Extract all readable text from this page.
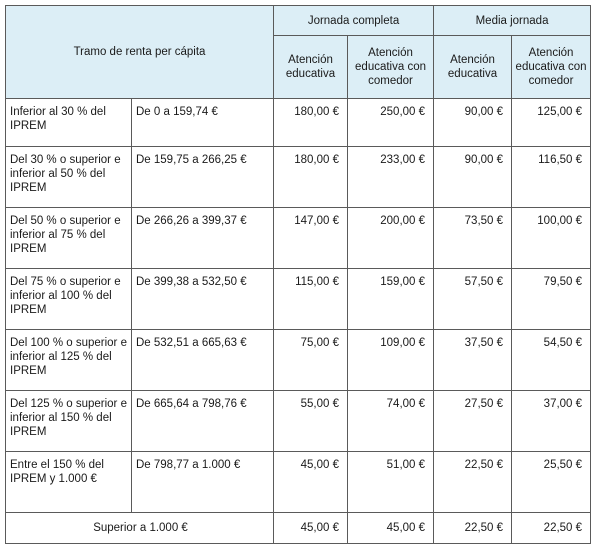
Tramo de renta per cápita		Jornada completa		Media jornada	
		Atención educativa	Atención educativa con comedor	Atención educativa	Atención educativa con comedor
Inferior al 30 % del IPREM	De 0 a 159,74 €	180,00 €	250,00 €	90,00 €	125,00 €
Del 30 % o superior e inferior al 50 % del IPREM	De 159,75 a 266,25 €	180,00 €	233,00 €	90,00 €	116,50 €
Del 50 % o superior e inferior al 75 % del IPREM	De 266,26 a 399,37 €	147,00 €	200,00 €	73,50 €	100,00 €
Del 75 % o superior e inferior al 100 % del IPREM	De 399,38 a 532,50 €	115,00 €	159,00 €	57,50 €	79,50 €
Del 100 % o superior e inferior al 125 % del IPREM	De 532,51 a 665,63 €	75,00 €	109,00 €	37,50 €	54,50 €
Del 125 % o superior e inferior al 150 % del IPREM	De 665,64 a 798,76 €	55,00 €	74,00 €	27,50 €	37,00 €
Entre el 150 % del IPREM y 1.000 €	De 798,77 a 1.000 €	45,00 €	51,00 €	22,50 €	25,50 €
Superior a 1.000 €		45,00 €	45,00 €	22,50 €	22,50 €
